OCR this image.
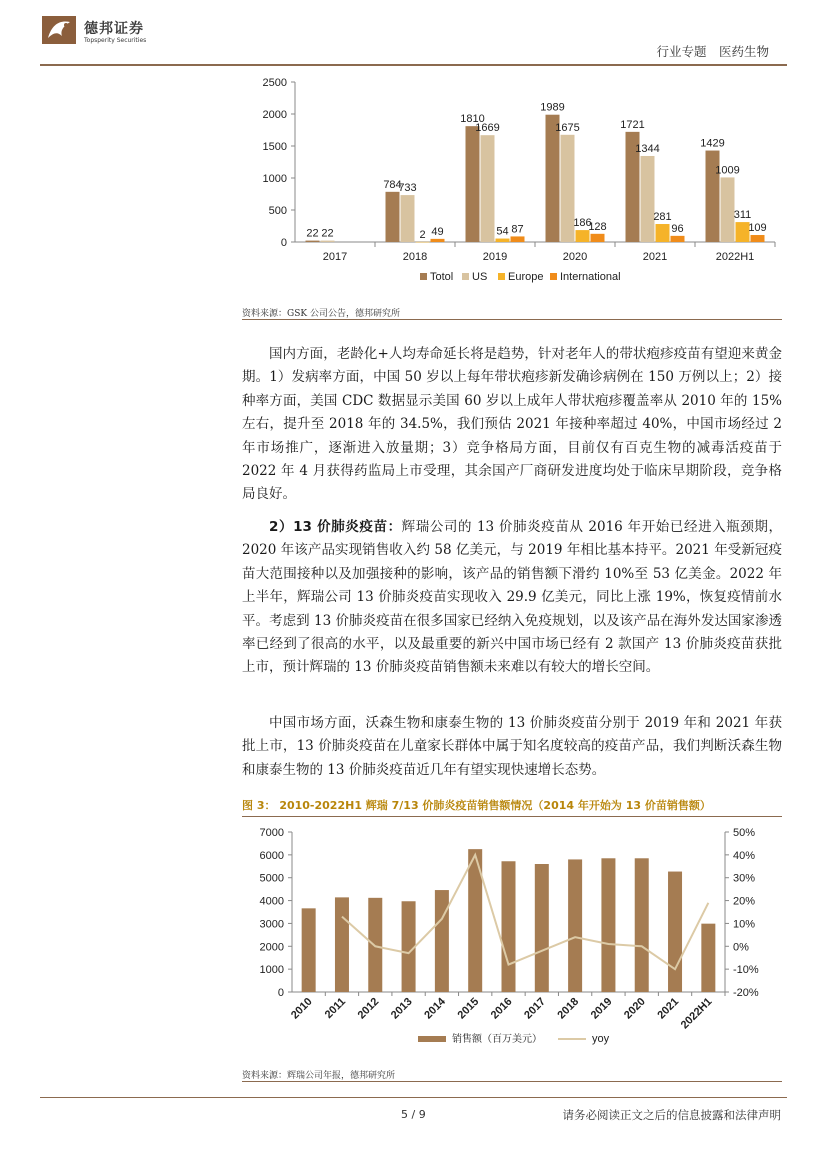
德邦证券
Topsperity Securities
行业专题　医药生物
0
500
1000
1500
2000
2500
2017
22 22
2018
784
733
2 49
2019
1810
1669
54 87
2020
1989
1675
186
128
2021
1721
1344
281
96
2022H1
1429
1009
311
109
Totol US Europe International
资料来源：GSK 公司公告，德邦研究所

国内方面，老龄化+人均寿命延长将是趋势，针对老年人的带状疱疹疫苗有望迎来黄金期。1）发病率方面，中国 50 岁以上每年带状疱疹新发确诊病例在 150 万例以上；2）接种率方面，美国 CDC 数据显示美国 60 岁以上成年人带状疱疹覆盖率从 2010 年的 15%左右，提升至 2018 年的 34.5%，我们预估 2021 年接种率超过 40%，中国市场经过 2 年市场推广，逐渐进入放量期；3）竞争格局方面，目前仅有百克生物的减毒活疫苗于 2022 年 4 月获得药监局上市受理，其余国产厂商研发进度均处于临床早期阶段，竞争格局良好。

2）13 价肺炎疫苗：辉瑞公司的 13 价肺炎疫苗从 2016 年开始已经进入瓶颈期，2020 年该产品实现销售收入约 58 亿美元，与 2019 年相比基本持平。2021 年受新冠疫苗大范围接种以及加强接种的影响，该产品的销售额下滑约 10%至 53 亿美金。2022 年上半年，辉瑞公司 13 价肺炎疫苗实现收入 29.9 亿美元，同比上涨 19%，恢复疫情前水平。考虑到 13 价肺炎疫苗在很多国家已经纳入免疫规划，以及该产品在海外发达国家渗透率已经到了很高的水平，以及最重要的新兴中国市场已经有 2 款国产 13 价肺炎疫苗获批上市，预计辉瑞的 13 价肺炎疫苗销售额未来难以有较大的增长空间。

中国市场方面，沃森生物和康泰生物的 13 价肺炎疫苗分别于 2019 年和 2021 年获批上市，13 价肺炎疫苗在儿童家长群体中属于知名度较高的疫苗产品，我们判断沃森生物和康泰生物的 13 价肺炎疫苗近几年有望实现快速增长态势。

图 3： 2010-2022H1 辉瑞 7/13 价肺炎疫苗销售额情况（2014 年开始为 13 价苗销售额）
0
1000
2000
3000
4000
5000
6000
7000
-20%
-10%
0%
10%
20%
30%
40%
50%
2010 2011 2012 2013 2014 2015 2016 2017 2018 2019 2020 2021
2022H1
销售额（百万美元）	yoy
资料来源：辉瑞公司年报，德邦研究所
5 / 9	请务必阅读正文之后的信息披露和法律声明
